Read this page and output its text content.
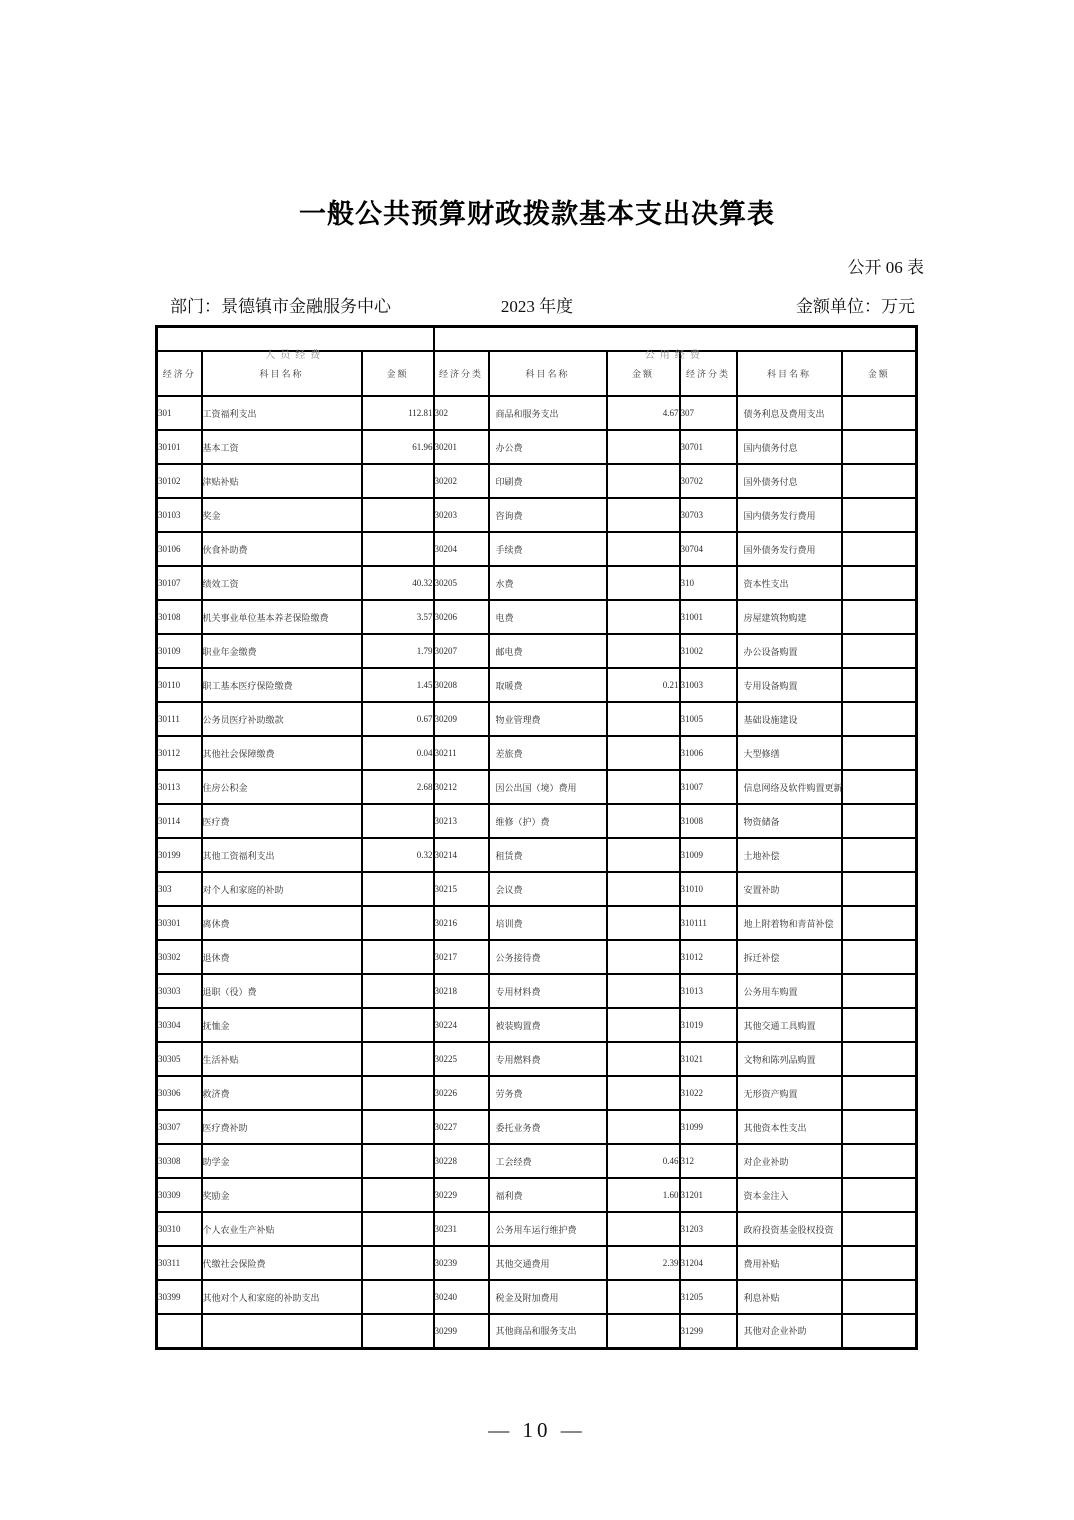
一般公共预算财政拨款基本支出决算表
公开 06 表
部门：景德镇市金融服务中心	2023 年度	金额单位：万元
人员经费			公用经费					

经济分	科目名称	金额	经济分类	科目名称	金额	经济分类	科目名称	金额
301	工资福利支出	112.81	302	商品和服务支出	4.67	307	债务利息及费用支出	
30101	基本工资	61.96	30201	办公费		30701	国内债务付息	
30102	津贴补贴		30202	印刷费		30702	国外债务付息	
30103	奖金		30203	咨询费		30703	国内债务发行费用	
30106	伙食补助费		30204	手续费		30704	国外债务发行费用	
30107	绩效工资	40.32	30205	水费		310	资本性支出	
30108	机关事业单位基本养老保险缴费	3.57	30206	电费		31001	房屋建筑物购建	
30109	职业年金缴费	1.79	30207	邮电费		31002	办公设备购置	
30110	职工基本医疗保险缴费	1.45	30208	取暖费	0.21	31003	专用设备购置	
30111	公务员医疗补助缴款	0.67	30209	物业管理费		31005	基础设施建设	
30112	其他社会保障缴费	0.04	30211	差旅费		31006	大型修缮	
30113	住房公积金	2.68	30212	因公出国（境）费用		31007	信息网络及软件购置更新	
30114	医疗费		30213	维修（护）费		31008	物资储备	
30199	其他工资福利支出	0.32	30214	租赁费		31009	土地补偿	
303	对个人和家庭的补助		30215	会议费		31010	安置补助	
30301	离休费		30216	培训费		310111	地上附着物和青苗补偿	
30302	退休费		30217	公务接待费		31012	拆迁补偿	
30303	退职（役）费		30218	专用材料费		31013	公务用车购置	
30304	抚恤金		30224	被装购置费		31019	其他交通工具购置	
30305	生活补贴		30225	专用燃料费		31021	文物和陈列品购置	
30306	救济费		30226	劳务费		31022	无形资产购置	
30307	医疗费补助		30227	委托业务费		31099	其他资本性支出	
30308	助学金		30228	工会经费	0.46	312	对企业补助	
30309	奖励金		30229	福利费	1.60	31201	资本金注入	
30310	个人农业生产补贴		30231	公务用车运行维护费		31203	政府投资基金股权投资	
30311	代缴社会保险费		30239	其他交通费用	2.39	31204	费用补贴	
30399	其他对个人和家庭的补助支出		30240	税金及附加费用		31205	利息补贴	
			30299	其他商品和服务支出		31299	其他对企业补助	
— 10 —
